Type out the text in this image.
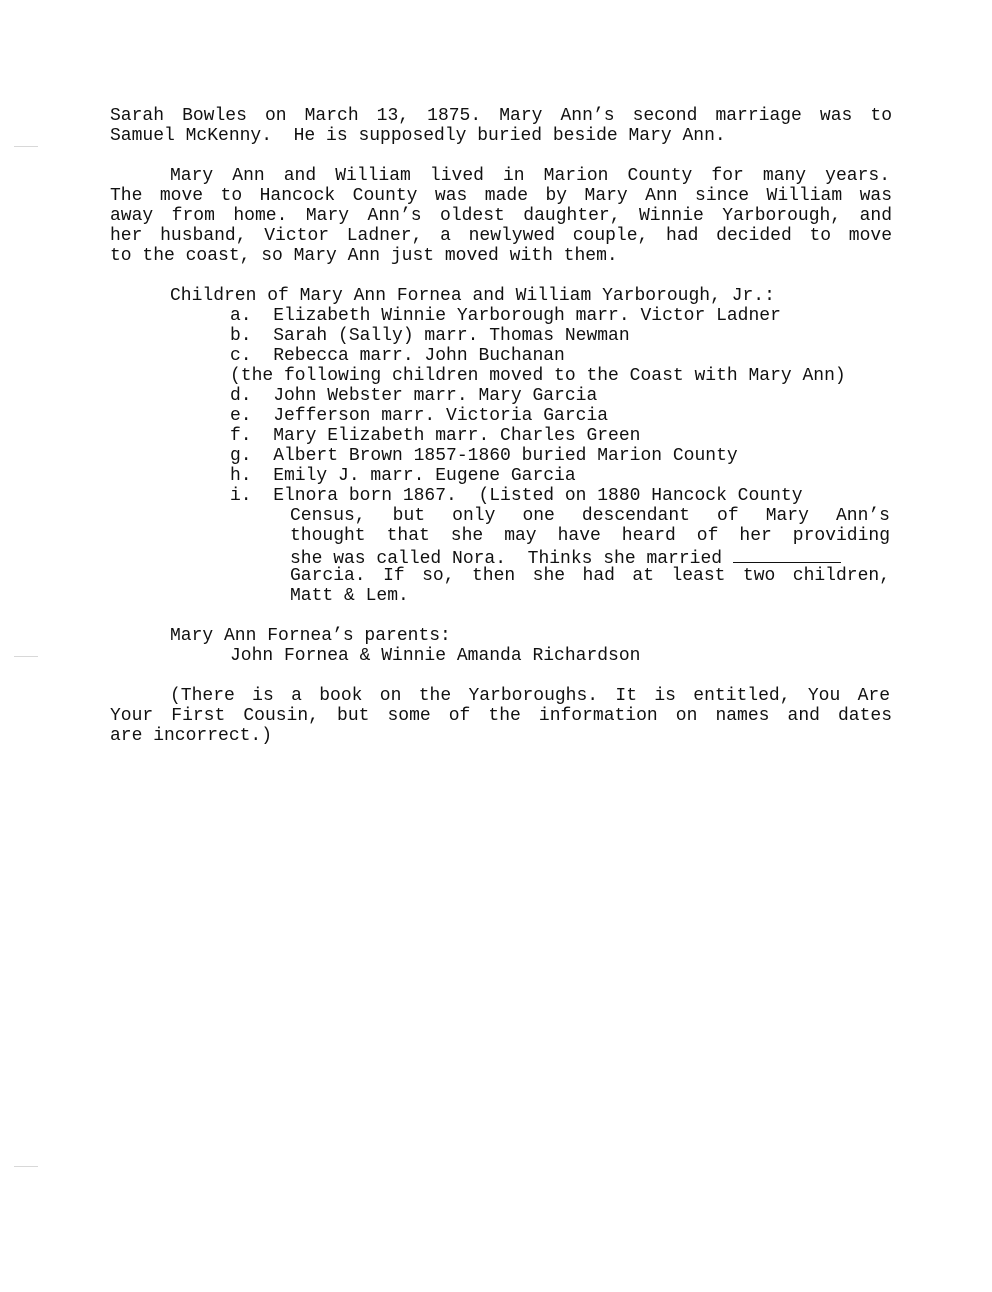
Sarah Bowles on March 13, 1875. Mary Ann’s second marriage was to
Samuel McKenny.  He is supposedly buried beside Mary Ann.
Mary Ann and William lived in Marion County for many years.
The move to Hancock County was made by Mary Ann since William was
away from home. Mary Ann’s oldest daughter, Winnie Yarborough, and
her husband, Victor Ladner, a newlywed couple, had decided to move
to the coast, so Mary Ann just moved with them.
Children of Mary Ann Fornea and William Yarborough, Jr.:
a.  Elizabeth Winnie Yarborough marr. Victor Ladner
b.  Sarah (Sally) marr. Thomas Newman
c.  Rebecca marr. John Buchanan
(the following children moved to the Coast with Mary Ann)
d.  John Webster marr. Mary Garcia
e.  Jefferson marr. Victoria Garcia
f.  Mary Elizabeth marr. Charles Green
g.  Albert Brown 1857-1860 buried Marion County
h.  Emily J. marr. Eugene Garcia
i.  Elnora born 1867.  (Listed on 1880 Hancock County
Census, but only one descendant of Mary Ann’s
thought that she may have heard of her providing
she was called Nora.  Thinks she married
Garcia. If so, then she had at least two children,
Matt & Lem.
Mary Ann Fornea’s parents:
John Fornea & Winnie Amanda Richardson
(There is a book on the Yarboroughs. It is entitled, You Are
Your First Cousin, but some of the information on names and dates
are incorrect.)
